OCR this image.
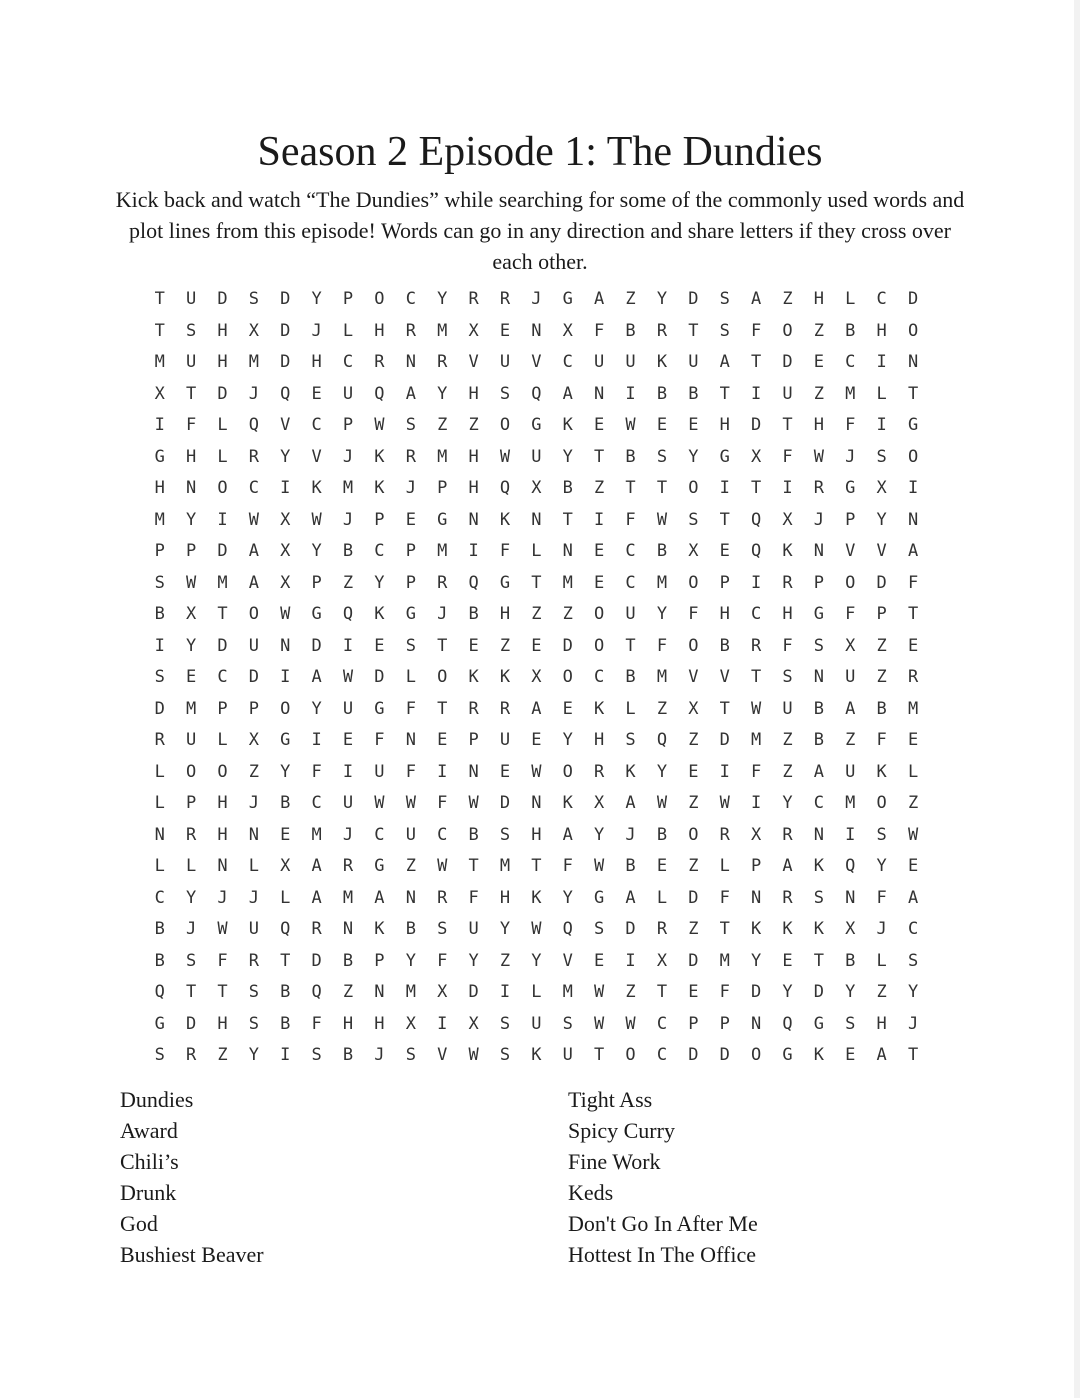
Season 2 Episode 1: The Dundies

Kick back and watch “The Dundies” while searching for some of the commonly used words and plot lines from this episode! Words can go in any direction and share letters if they cross over each other.

T	U	D	S	D	Y	P	O	C	Y	R	R	J	G	A	Z	Y	D	S	A	Z	H	L	C	D
T	S	H	X	D	J	L	H	R	M	X	E	N	X	F	B	R	T	S	F	O	Z	B	H	O
M	U	H	M	D	H	C	R	N	R	V	U	V	C	U	U	K	U	A	T	D	E	C	I	N
X	T	D	J	Q	E	U	Q	A	Y	H	S	Q	A	N	I	B	B	T	I	U	Z	M	L	T
I	F	L	Q	V	C	P	W	S	Z	Z	O	G	K	E	W	E	E	H	D	T	H	F	I	G
G	H	L	R	Y	V	J	K	R	M	H	W	U	Y	T	B	S	Y	G	X	F	W	J	S	O
H	N	O	C	I	K	M	K	J	P	H	Q	X	B	Z	T	T	O	I	T	I	R	G	X	I
M	Y	I	W	X	W	J	P	E	G	N	K	N	T	I	F	W	S	T	Q	X	J	P	Y	N
P	P	D	A	X	Y	B	C	P	M	I	F	L	N	E	C	B	X	E	Q	K	N	V	V	A
S	W	M	A	X	P	Z	Y	P	R	Q	G	T	M	E	C	M	O	P	I	R	P	O	D	F
B	X	T	O	W	G	Q	K	G	J	B	H	Z	Z	O	U	Y	F	H	C	H	G	F	P	T
I	Y	D	U	N	D	I	E	S	T	E	Z	E	D	O	T	F	O	B	R	F	S	X	Z	E
S	E	C	D	I	A	W	D	L	O	K	K	X	O	C	B	M	V	V	T	S	N	U	Z	R
D	M	P	P	O	Y	U	G	F	T	R	R	A	E	K	L	Z	X	T	W	U	B	A	B	M
R	U	L	X	G	I	E	F	N	E	P	U	E	Y	H	S	Q	Z	D	M	Z	B	Z	F	E
L	O	O	Z	Y	F	I	U	F	I	N	E	W	O	R	K	Y	E	I	F	Z	A	U	K	L
L	P	H	J	B	C	U	W	W	F	W	D	N	K	X	A	W	Z	W	I	Y	C	M	O	Z
N	R	H	N	E	M	J	C	U	C	B	S	H	A	Y	J	B	O	R	X	R	N	I	S	W
L	L	N	L	X	A	R	G	Z	W	T	M	T	F	W	B	E	Z	L	P	A	K	Q	Y	E
C	Y	J	J	L	A	M	A	N	R	F	H	K	Y	G	A	L	D	F	N	R	S	N	F	A
B	J	W	U	Q	R	N	K	B	S	U	Y	W	Q	S	D	R	Z	T	K	K	K	X	J	C
B	S	F	R	T	D	B	P	Y	F	Y	Z	Y	V	E	I	X	D	M	Y	E	T	B	L	S
Q	T	T	S	B	Q	Z	N	M	X	D	I	L	M	W	Z	T	E	F	D	Y	D	Y	Z	Y
G	D	H	S	B	F	H	H	X	I	X	S	U	S	W	W	C	P	P	N	Q	G	S	H	J
S	R	Z	Y	I	S	B	J	S	V	W	S	K	U	T	O	C	D	D	O	G	K	E	A	T
Dundies	Tight Ass
Award	Spicy Curry
Chili’s	Fine Work
Drunk	Keds
God	Don't Go In After Me
Bushiest Beaver	Hottest In The Office
